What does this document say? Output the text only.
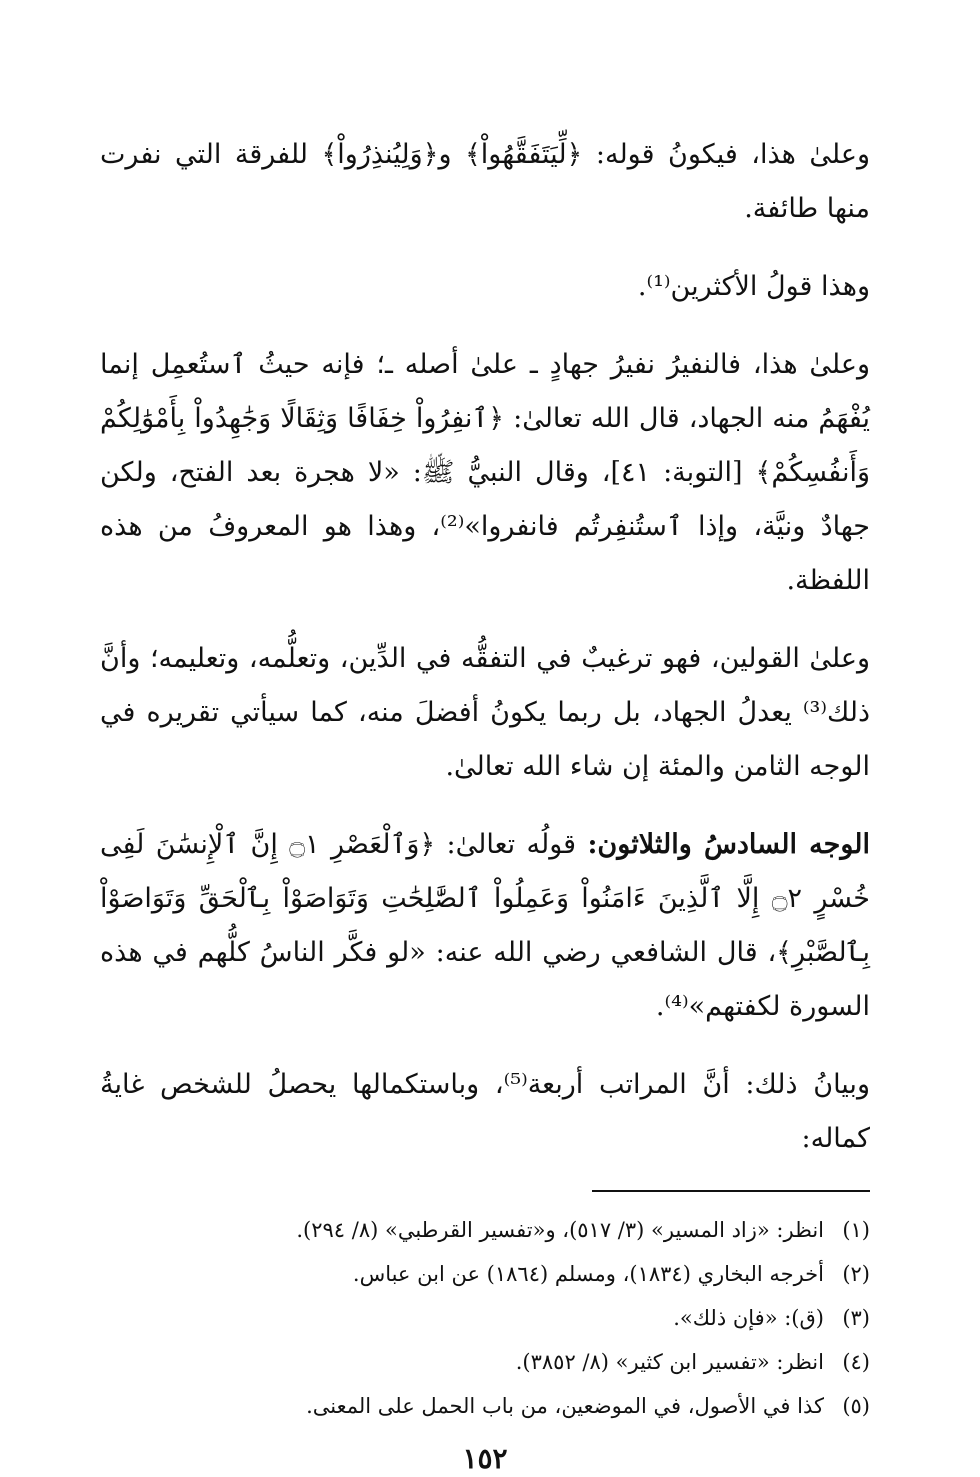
وعلىٰ هذا، فيكونُ قوله: ﴿لِّيَتَفَقَّهُواْ﴾ و﴿وَلِيُنذِرُواْ﴾ للفرقة التي نفرت منها طائفة.

وهذا قولُ الأكثرين⁽¹⁾.

وعلىٰ هذا، فالنفيرُ نفيرُ جهادٍ ـ علىٰ أصله ـ؛ فإنه حيثُ ٱستُعمِل إنما يُفْهَمُ منه الجهاد، قال الله تعالىٰ: ﴿ٱنفِرُواْ خِفَافًا وَثِقَالًا وَجَٰهِدُواْ بِأَمْوَٰلِكُمْ وَأَنفُسِكُمْ﴾ [التوبة: ٤١]، وقال النبيُّ ﷺ: «لا هجرة بعد الفتح، ولكن جهادٌ ونيَّة، وإذا ٱستُنفِرتُم فانفروا»⁽²⁾، وهذا هو المعروفُ من هذه اللفظة.

وعلىٰ القولين، فهو ترغيبٌ في التفقُّه في الدِّين، وتعلُّمه، وتعليمه؛ وأنَّ ذلك⁽³⁾ يعدلُ الجهاد، بل ربما يكونُ أفضلَ منه، كما سيأتي تقريره في الوجه الثامن والمئة إن شاء الله تعالىٰ.

الوجه السادسُ والثلاثون: قولُه تعالىٰ: ﴿وَٱلْعَصْرِ ۝١ إِنَّ ٱلْإِنسَٰنَ لَفِى خُسْرٍ ۝٢ إِلَّا ٱلَّذِينَ ءَامَنُواْ وَعَمِلُواْ ٱلصَّٰلِحَٰتِ وَتَوَاصَوْاْ بِٱلْحَقِّ وَتَوَاصَوْاْ بِٱلصَّبْرِ﴾، قال الشافعي رضي الله عنه: «لو فكَّر الناسُ كلُّهم في هذه السورة لكفتهم»⁽⁴⁾.

وبيانُ ذلك: أنَّ المراتب أربعة⁽⁵⁾، وباستكمالها يحصلُ للشخص غايةُ كماله:

(١)
انظر: «زاد المسير» (٣/ ٥١٧)، و«تفسير القرطبي» (٨/ ٢٩٤).
(٢)
أخرجه البخاري (١٨٣٤)، ومسلم (١٨٦٤) عن ابن عباس.
(٣)
(ق): «فإن ذلك».
(٤)
انظر: «تفسير ابن كثير» (٨/ ٣٨٥٢).
(٥)
كذا في الأصول، في الموضعين، من باب الحمل على المعنى.
١٥٢
